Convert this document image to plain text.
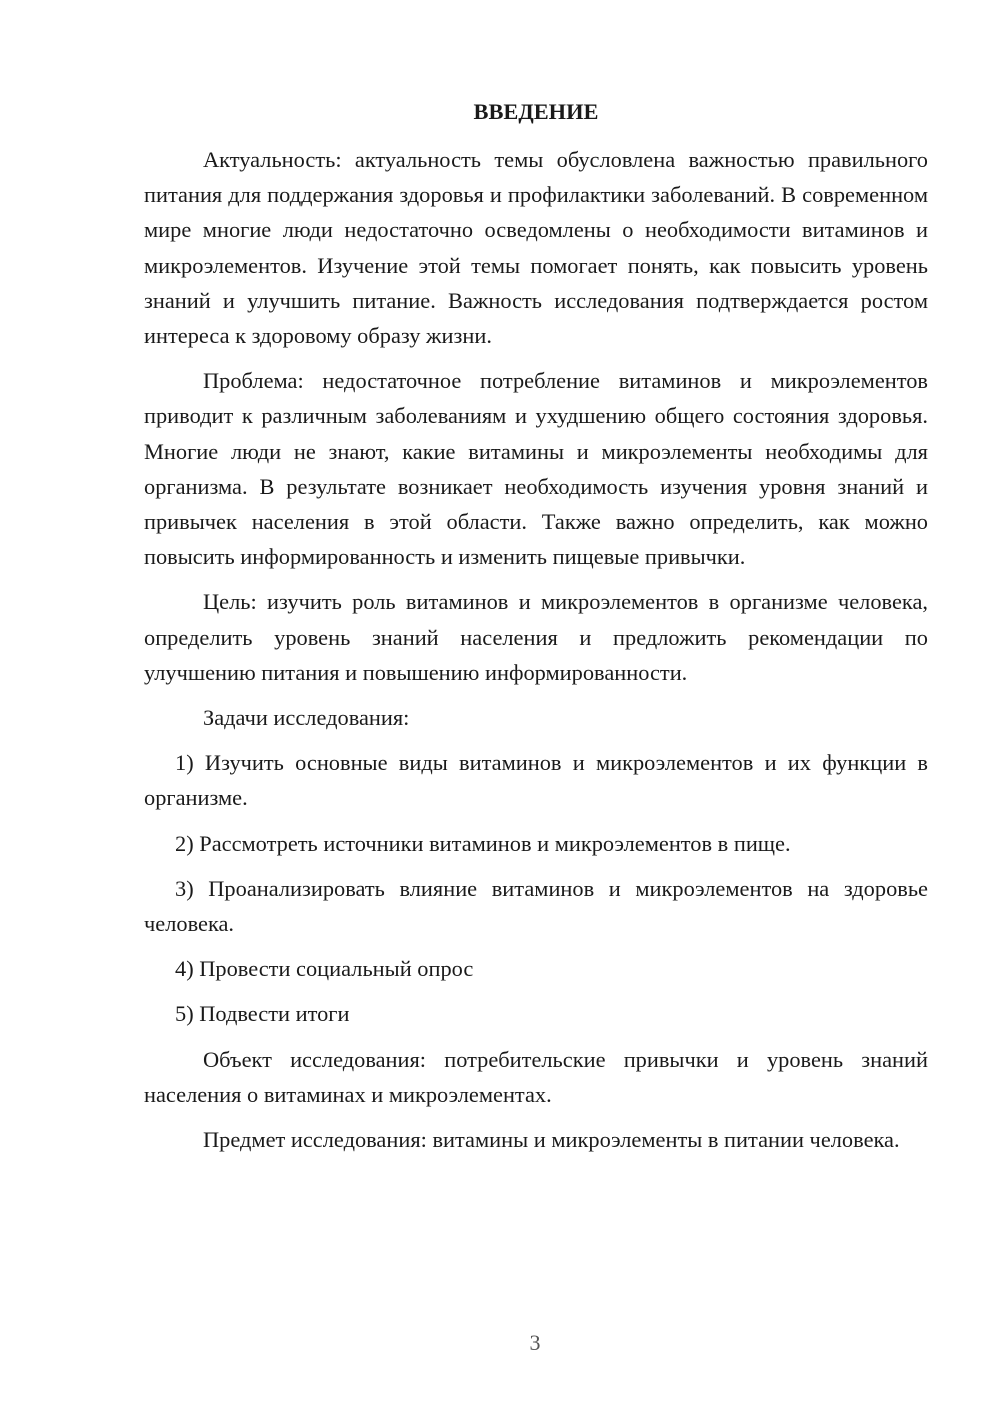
ВВЕДЕНИЕ

Актуальность: актуальность темы обусловлена важностью правильного питания для поддержания здоровья и профилактики заболеваний. В современном мире многие люди недостаточно осведомлены о необходимости витаминов и микроэлементов. Изучение этой темы помогает понять, как повысить уровень знаний и улучшить питание. Важность исследования подтверждается ростом интереса к здоровому образу жизни.

Проблема: недостаточное потребление витаминов и микроэлементов приводит к различным заболеваниям и ухудшению общего состояния здоровья. Многие люди не знают, какие витамины и микроэлементы необходимы для организма. В результате возникает необходимость изучения уровня знаний и привычек населения в этой области. Также важно определить, как можно повысить информированность и изменить пищевые привычки.

Цель: изучить роль витаминов и микроэлементов в организме человека, определить уровень знаний населения и предложить рекомендации по улучшению питания и повышению информированности.

Задачи исследования:

1) Изучить основные виды витаминов и микроэлементов и их функции в организме.

2) Рассмотреть источники витаминов и микроэлементов в пище.

3) Проанализировать влияние витаминов и микроэлементов на здоровье человека.

4) Провести социальный опрос

5) Подвести итоги

Объект исследования: потребительские привычки и уровень знаний населения о витаминах и микроэлементах.

Предмет исследования: витамины и микроэлементы в питании человека.

3
